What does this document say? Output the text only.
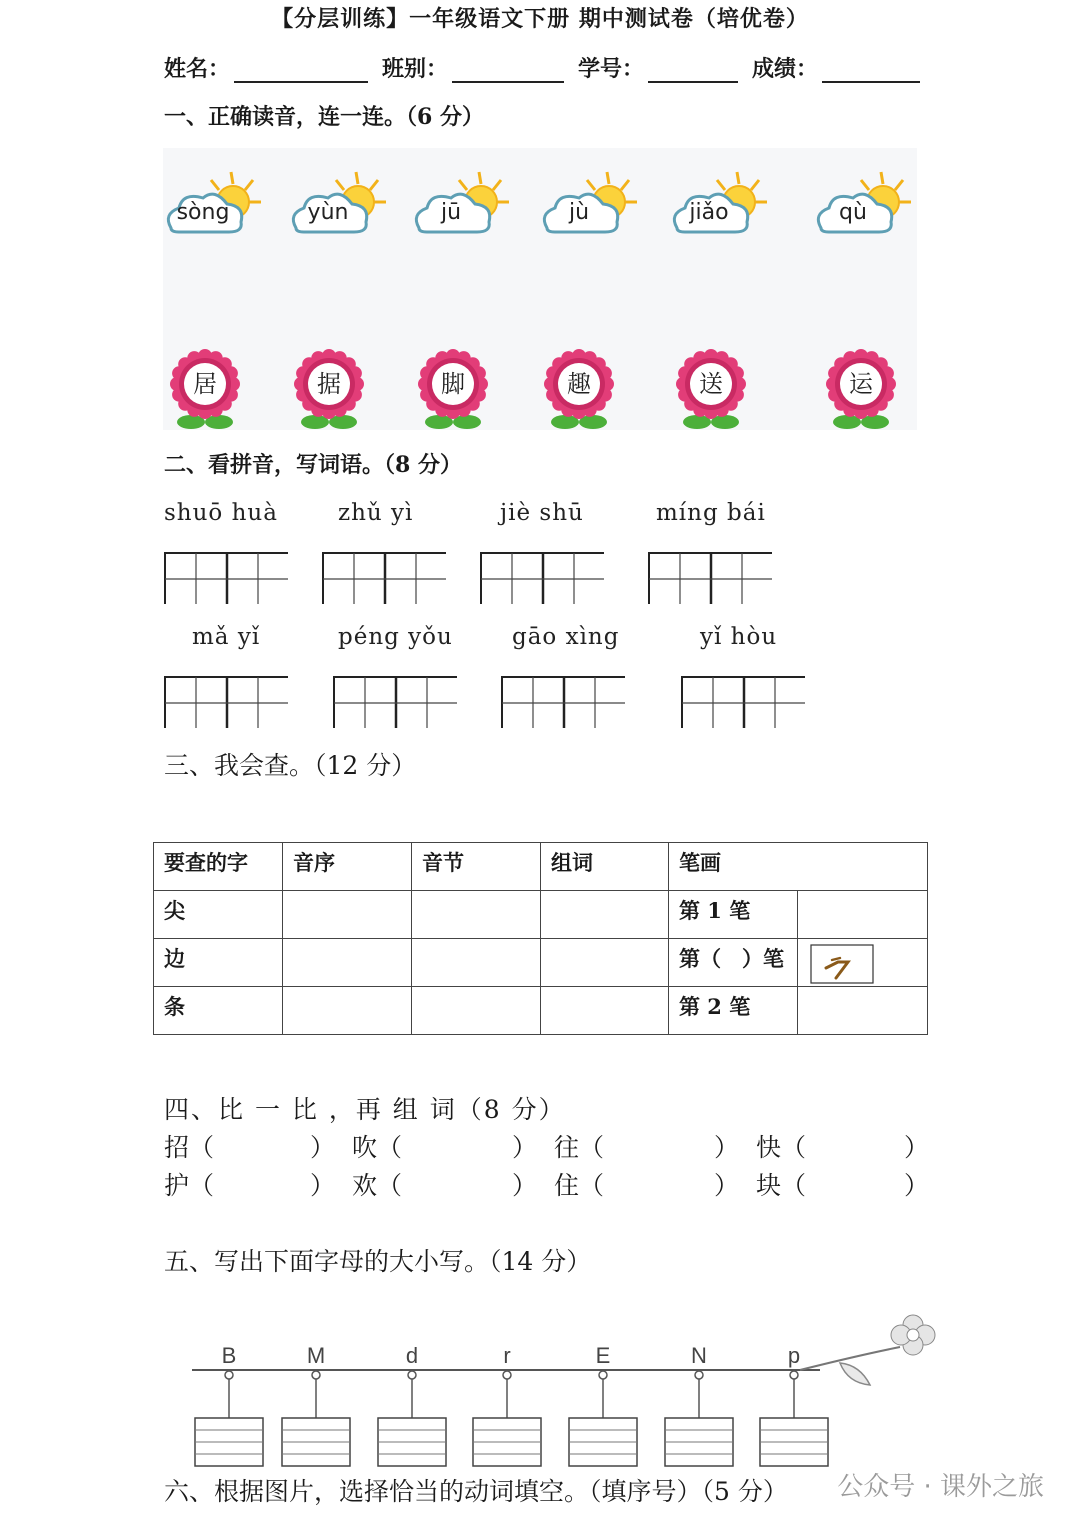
【分层训练】一年级语文下册 期中测试卷（培优卷）
姓名：	班别：	学号：	成绩：
一、正确读音，连一连。（6 分）
sòng	yùn	jū	jù	jiǎo	qù
居	据	脚	趣	送	运
二、看拼音，写词语。（8 分）
shuō huà	zhǔ yì	jiè shū	míng bái
mǎ yǐ	péng yǒu	gāo xìng	yǐ hòu
三、我会查。（12 分）
要查的字	音序	音节	组词	笔画	
尖				第 1 笔	
边				第（　）笔	

条				第 2 笔	
四、比 一 比 ，再 组 词（8 分）
招（	） 吹（	） 往（	） 快（	）
护（	） 欢（	） 住（	） 块（	）
五、写出下面字母的大小写。（14 分）
B	M	d	r	E	N	p
六、根据图片，选择恰当的动词填空。（填序号）（5 分） 公众号 · 课外之旅
